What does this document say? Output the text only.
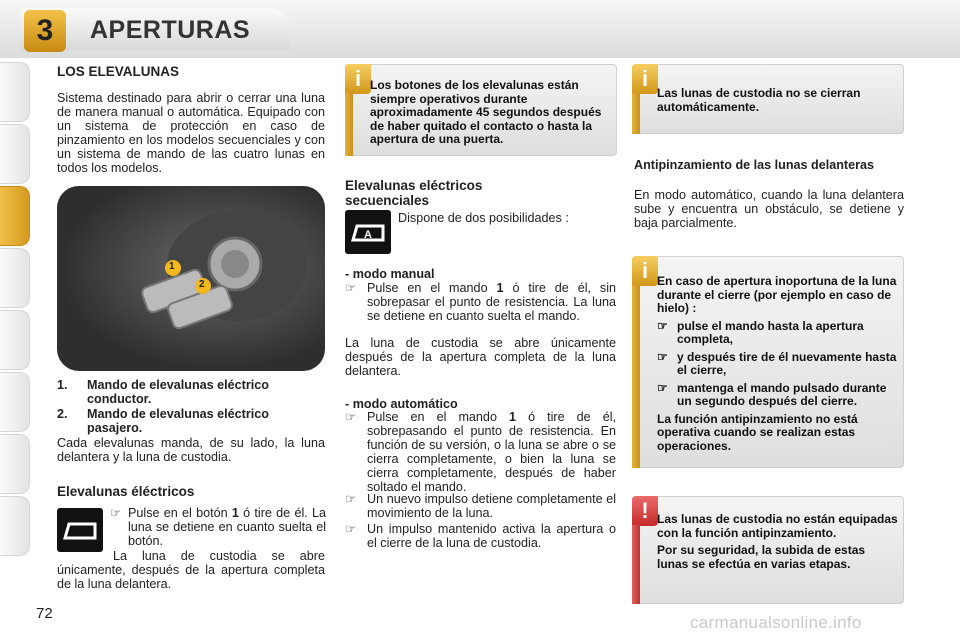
3	APERTURAS
LOS ELEVALUNAS
Sistema destinado para abrir o cerrar una luna de manera manual o automática. Equipado con un sistema de protección en caso de pinzamiento en los modelos secuenciales y con un sistema de mando de las cuatro lunas en todos los modelos.
1
2
1.	Mando de elevalunas eléctrico conductor.
2.	Mando de elevalunas eléctrico pasajero.
Cada elevalunas manda, de su lado, la luna delantera y la luna de custodia.
Elevalunas éléctricos
☞ Pulse en el botón 1 ó tire de él. La luna se detiene en cuanto suelta el botón.
La luna de custodia se abre únicamente, después de la apertura completa de la luna delantera.
i Los botones de los elevalunas están siempre operativos durante aproximadamente 45 segundos después de haber quitado el contacto o hasta la apertura de una puerta.
Elevalunas eléctricos secuenciales
A
Dispone de dos posibilidades :
- modo manual
☞ Pulse en el mando 1 ó tire de él, sin sobrepasar el punto de resistencia. La luna se detiene en cuanto suelta el mando.
La luna de custodia se abre únicamente después de la apertura completa de la luna delantera.
- modo automático
☞ Pulse en el mando 1 ó tire de él, sobrepasando el punto de resistencia. En función de su versión, o la luna se abre o se cierra completamente, o bien la luna se cierra completamente, después de haber soltado el mando.
☞ Un nuevo impulso detiene completamente el movimiento de la luna.
☞ Un impulso mantenido activa la apertura o el cierre de la luna de custodia.
i
Las lunas de custodia no se cierran automáticamente.
Antipinzamiento de las lunas delanteras
En modo automático, cuando la luna delantera sube y encuentra un obstáculo, se detiene y baja parcialmente.
i En caso de apertura inoportuna de la luna durante el cierre (por ejemplo en caso de hielo) :
☞ pulse el mando hasta la apertura completa,
☞ y después tire de él nuevamente hasta el cierre,
☞ mantenga el mando pulsado durante un segundo después del cierre.
La función antipinzamiento no está operativa cuando se realizan estas operaciones.
! Las lunas de custodia no están equipadas con la función antipinzamiento.
Por su seguridad, la subida de estas lunas se efectúa en varias etapas.
72	carmanualsonline.info
